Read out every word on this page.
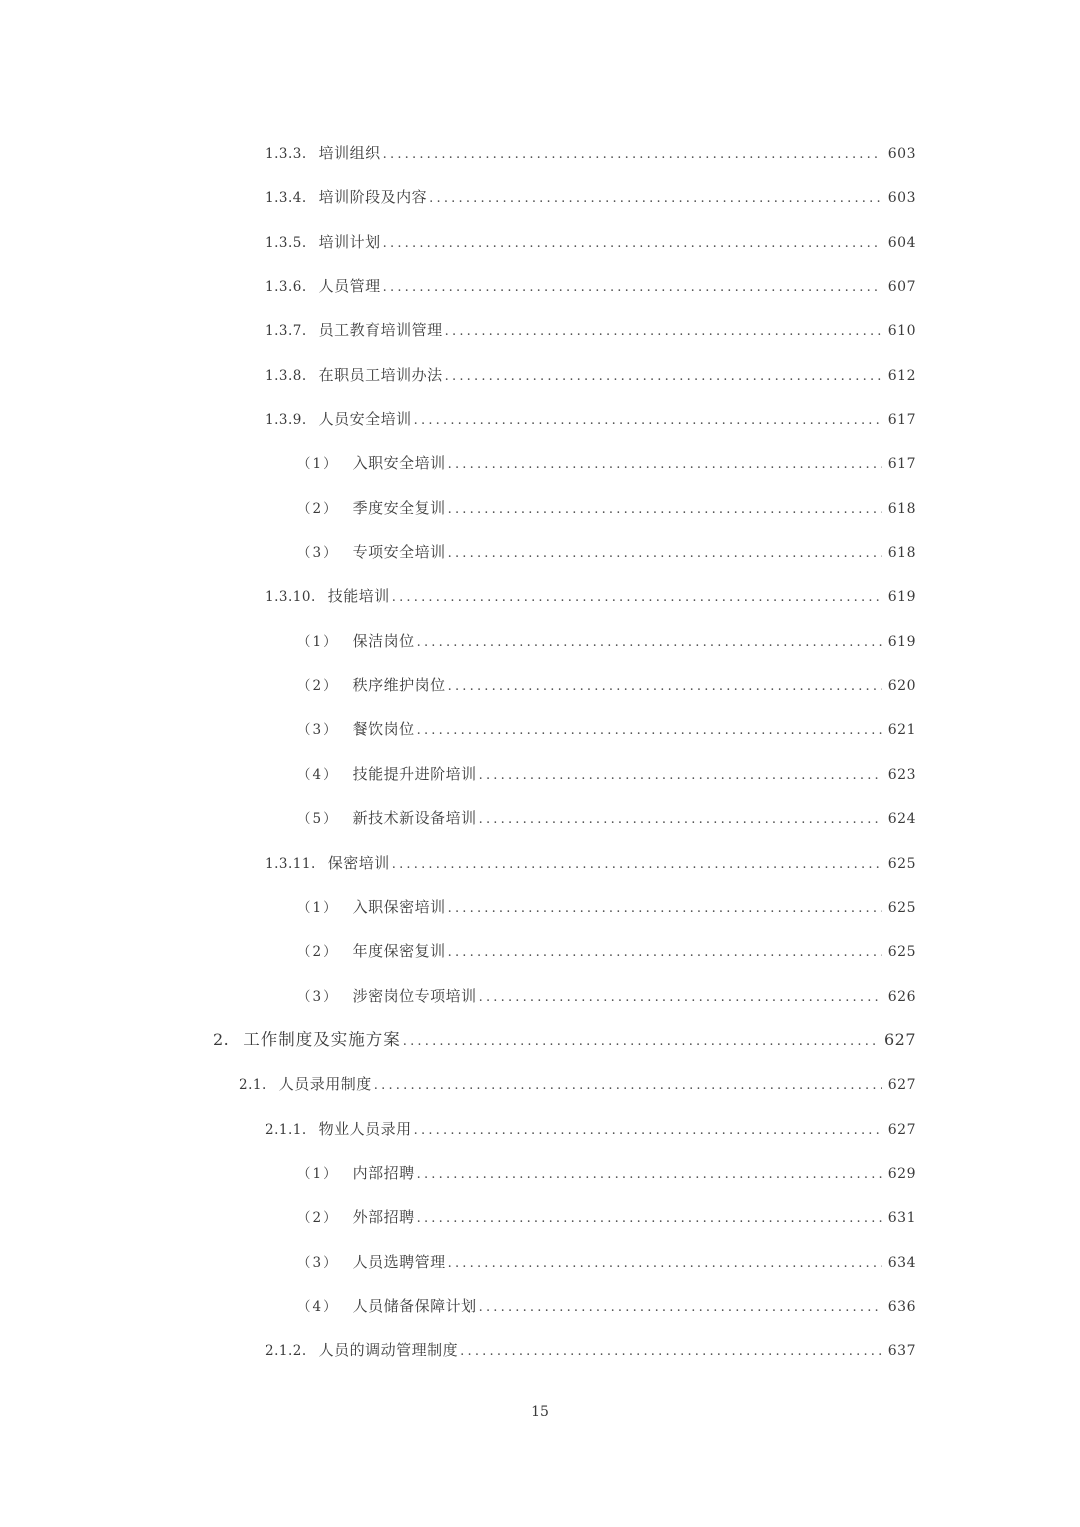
1.3.3. 培训组织 .....	603
1.3.4. 培训阶段及内容 .....	603
1.3.5. 培训计划 .....	604
1.3.6. 人员管理 .....	607
1.3.7. 员工教育培训管理 .....	610
1.3.8. 在职员工培训办法 .....	612
1.3.9. 人员安全培训 .....	617
（1） 入职安全培训 .....	617
（2） 季度安全复训 .....	618
（3） 专项安全培训 .....	618
1.3.10. 技能培训 .....	619
（1） 保洁岗位 .....	619
（2） 秩序维护岗位 .....	620
（3） 餐饮岗位 .....	621
（4） 技能提升进阶培训 .....	623
（5） 新技术新设备培训 .....	624
1.3.11. 保密培训 .....	625
（1） 入职保密培训 .....	625
（2） 年度保密复训 .....	625
（3） 涉密岗位专项培训 .....	626
2. 工作制度及实施方案 .....	627
2.1. 人员录用制度 .....	627
2.1.1. 物业人员录用 .....	627
（1） 内部招聘 .....	629
（2） 外部招聘 .....	631
（3） 人员选聘管理 .....	634
（4） 人员储备保障计划 .....	636
2.1.2. 人员的调动管理制度 .....	637
15
